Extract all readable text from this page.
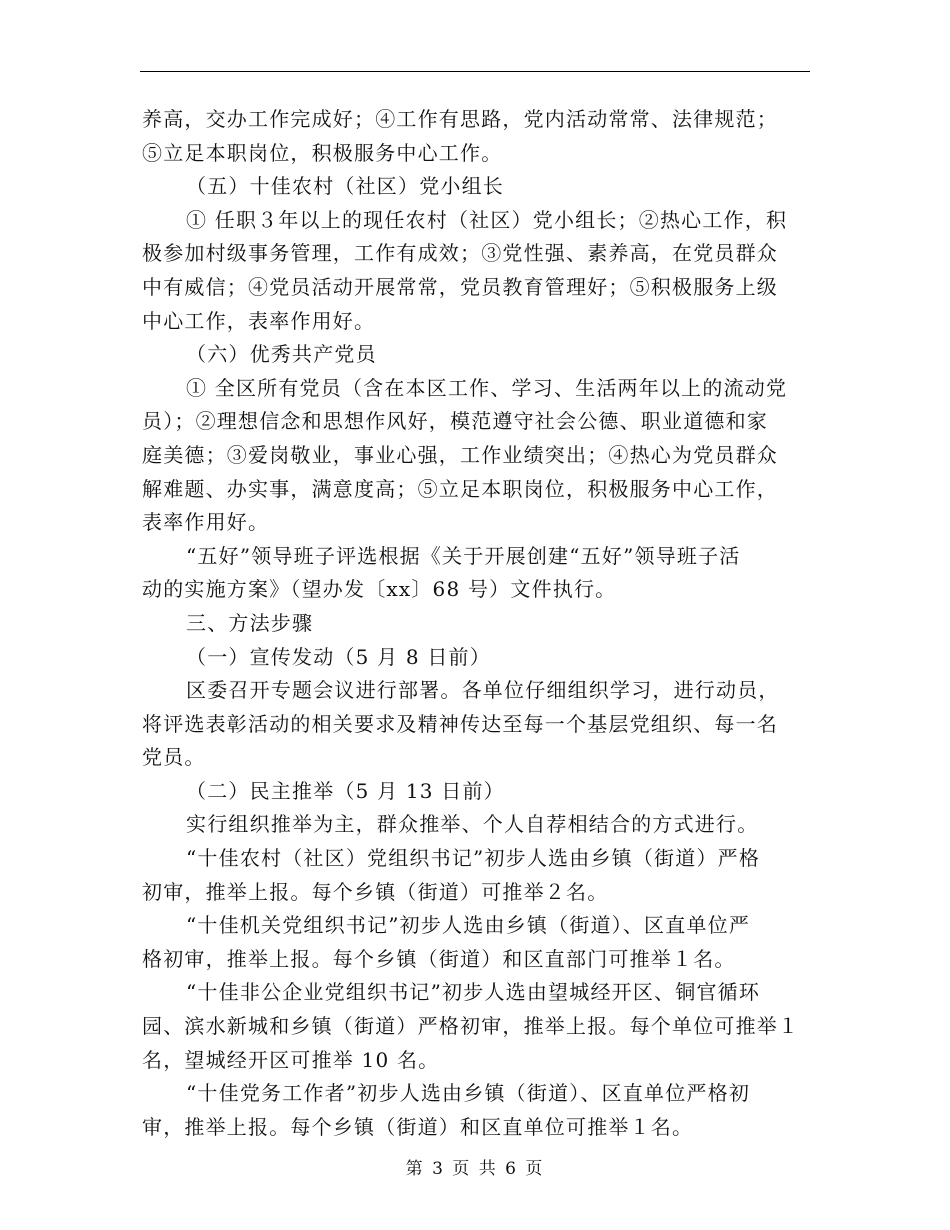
养高，交办工作完成好；④工作有思路，党内活动常常、法律规范；
⑤立足本职岗位，积极服务中心工作。
（五）十佳农村（社区）党小组长
① 任职３年以上的现任农村（社区）党小组长；②热心工作，积
极参加村级事务管理，工作有成效；③党性强、素养高，在党员群众
中有威信；④党员活动开展常常，党员教育管理好；⑤积极服务上级
中心工作，表率作用好。
（六）优秀共产党员
① 全区所有党员（含在本区工作、学习、生活两年以上的流动党
员）；②理想信念和思想作风好，模范遵守社会公德、职业道德和家
庭美德；③爱岗敬业，事业心强，工作业绩突出；④热心为党员群众
解难题、办实事，满意度高；⑤立足本职岗位，积极服务中心工作，
表率作用好。
“五好”领导班子评选根据《关于开展创建“五好”领导班子活
动的实施方案》（望办发〔xx〕68 号）文件执行。
三、方法步骤
（一）宣传发动（5 月 8 日前）
区委召开专题会议进行部署。各单位仔细组织学习，进行动员，
将评选表彰活动的相关要求及精神传达至每一个基层党组织、每一名
党员。
（二）民主推举（5 月 13 日前）
实行组织推举为主，群众推举、个人自荐相结合的方式进行。
“十佳农村（社区）党组织书记”初步人选由乡镇（街道）严格
初审，推举上报。每个乡镇（街道）可推举２名。
“十佳机关党组织书记”初步人选由乡镇（街道）、区直单位严
格初审，推举上报。每个乡镇（街道）和区直部门可推举１名。
“十佳非公企业党组织书记”初步人选由望城经开区、铜官循环
园、滨水新城和乡镇（街道）严格初审，推举上报。每个单位可推举１
名，望城经开区可推举 10 名。
“十佳党务工作者”初步人选由乡镇（街道）、区直单位严格初
审，推举上报。每个乡镇（街道）和区直单位可推举１名。
第 3 页 共 6 页
